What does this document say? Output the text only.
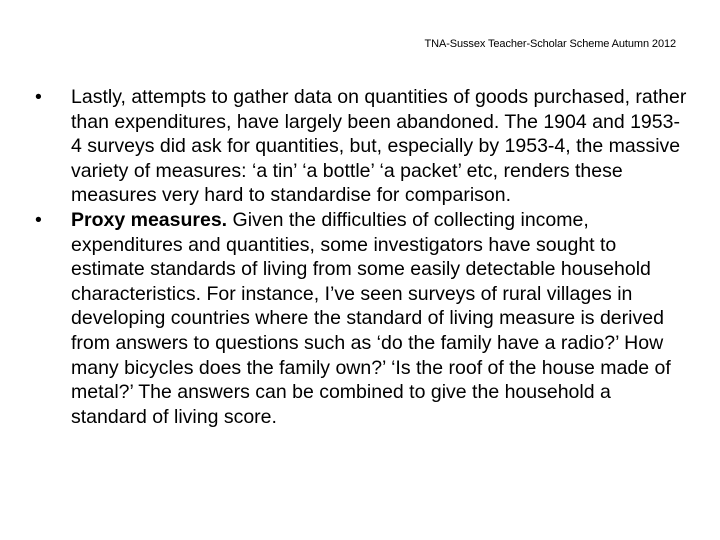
TNA-Sussex Teacher-Scholar Scheme Autumn 2012

• Lastly, attempts to gather data on quantities of goods purchased, rather than expenditures, have largely been abandoned. The 1904 and 1953-4 surveys did ask for quantities, but, especially by 1953-4, the massive variety of measures: ‘a tin’ ‘a bottle’ ‘a packet’ etc, renders these measures very hard to standardise for comparison.

• Proxy measures. Given the difficulties of collecting income, expenditures and quantities, some investigators have sought to estimate standards of living from some easily detectable household characteristics. For instance, I’ve seen surveys of rural villages in developing countries where the standard of living measure is derived from answers to questions such as ‘do the family have a radio?’ How many bicycles does the family own?’ ‘Is the roof of the house made of metal?’ The answers can be combined to give the household a standard of living score.
